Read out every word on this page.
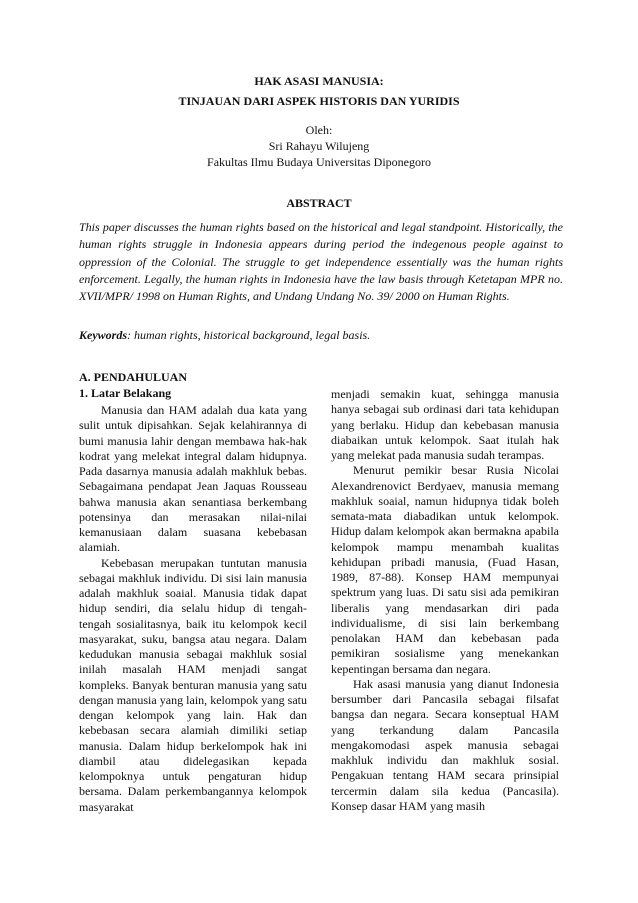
HAK ASASI MANUSIA:
TINJAUAN DARI ASPEK HISTORIS DAN YURIDIS
Oleh:
Sri Rahayu Wilujeng
Fakultas Ilmu Budaya Universitas Diponegoro
ABSTRACT

This paper discusses the human rights based on the historical and legal standpoint. Historically, the human rights struggle in Indonesia appears during period the indegenous people against to oppression of the Colonial. The struggle to get independence essentially was the human rights enforcement. Legally, the human rights in Indonesia have the law basis through Ketetapan MPR no. XVII/MPR/ 1998 on Human Rights, and Undang Undang No. 39/ 2000 on Human Rights.

Keywords: human rights, historical background, legal basis.

A. PENDAHULUAN
1. Latar Belakang

Manusia dan HAM adalah dua kata yang sulit untuk dipisahkan. Sejak kelahirannya di bumi manusia lahir dengan membawa hak-hak kodrat yang melekat integral dalam hidupnya. Pada dasarnya manusia adalah makhluk bebas. Sebagaimana pendapat Jean Jaquas Rousseau bahwa manusia akan senantiasa berkembang potensinya dan merasakan nilai-nilai kemanusiaan dalam suasana kebebasan alamiah.

Kebebasan merupakan tuntutan manusia sebagai makhluk individu. Di sisi lain manusia adalah makhluk soaial. Manusia tidak dapat hidup sendiri, dia selalu hidup di tengah-tengah sosialitasnya, baik itu kelompok kecil masyarakat, suku, bangsa atau negara. Dalam kedudukan manusia sebagai makhluk sosial inilah masalah HAM menjadi sangat kompleks. Banyak benturan manusia yang satu dengan manusia yang lain, kelompok yang satu dengan kelompok yang lain. Hak dan kebebasan secara alamiah dimiliki setiap manusia. Dalam hidup berkelompok hak ini diambil atau didelegasikan kepada kelompoknya untuk pengaturan hidup bersama. Dalam perkembangannya kelompok masyarakat

menjadi semakin kuat, sehingga manusia hanya sebagai sub ordinasi dari tata kehidupan yang berlaku. Hidup dan kebebasan manusia diabaikan untuk kelompok. Saat itulah hak yang melekat pada manusia sudah terampas.

Menurut pemikir besar Rusia Nicolai Alexandrenovict Berdyaev, manusia memang makhluk soaial, namun hidupnya tidak boleh semata-mata diabadikan untuk kelompok. Hidup dalam kelompok akan bermakna apabila kelompok mampu menambah kualitas kehidupan pribadi manusia, (Fuad Hasan, 1989, 87-88). Konsep HAM mempunyai spektrum yang luas. Di satu sisi ada pemikiran liberalis yang mendasarkan diri pada individualisme, di sisi lain berkembang penolakan HAM dan kebebasan pada pemikiran sosialisme yang menekankan kepentingan bersama dan negara.

Hak asasi manusia yang dianut Indonesia bersumber dari Pancasila sebagai filsafat bangsa dan negara. Secara konseptual HAM yang terkandung dalam Pancasila mengakomodasi aspek manusia sebagai makhluk individu dan makhluk sosial. Pengakuan tentang HAM secara prinsipial tercermin dalam sila kedua (Pancasila). Konsep dasar HAM yang masih
